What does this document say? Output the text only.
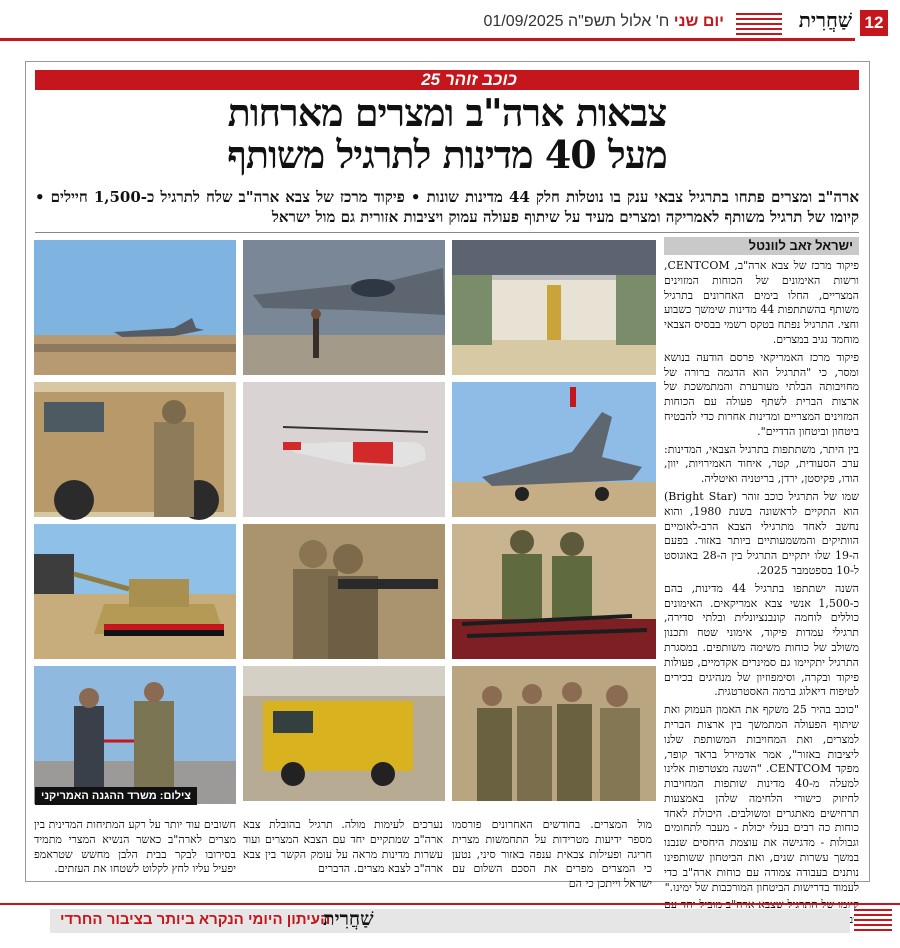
12
שַׁחֲרִית
יום שני ח' אלול תשפ"ה 01/09/2025
כוכב זוהר 25
צבאות ארה"ב ומצרים מארחות
מעל 40 מדינות לתרגיל משותף
ארה"ב ומצרים פתחו בתרגיל צבאי ענק בו נוטלות חלק 44 מדינות שונות • פיקוד מרכז של צבא ארה"ב שלח לתרגיל כ-1,500 חיילים • קיומו של תרגיל משותף לאמריקה ומצרים מעיד על שיתוף פעולה עמוק ויציבות אזורית גם מול ישראל
ישראל זאב לוונטל

פיקוד מרכז של צבא ארה"ב, CENTCOM, ורשות האימונים של הכוחות המזוינים המצריים, החלו בימים האחרונים בתרגיל משותף בהשתתפות 44 מדינות שימשך כשבוע וחצי. התרגיל נפתח בטקס רשמי בבסיס הצבאי מוחמד נגיב במצרים.

פיקוד מרכז האמריקאי פרסם הודעה בנושא ומסר, כי "התרגיל הוא הדגמה ברורה של מחויבותה הבלתי מעורערת והמתמשכת של ארצות הברית לשתף פעולה עם הכוחות המזוינים המצריים ומדינות אחרות כדי להבטיח ביטחון וביטחון הדדיים".

בין היתר, משתתפות בתרגיל הצבאי, המדינות: ערב הסעודית, קטר, איחוד האמירויות, יוון, הודו, פקיסטן, ירדן, בריטניה ואיטליה.

שמו של התרגיל כוכב זוהר (Bright Star) הוא התקיים לראשונה בשנת 1980, והוא נחשב לאחד מתרגילי הצבא הרב-לאומיים הוותיקים והמשמעותיים ביותר באזור. בפעם ה-19 שלו יתקיים התרגיל בין ה-28 באוגוסט ל-10 בספטמבר 2025.

השנה ישתתפו בתרגיל 44 מדינות, בהם כ-1,500 אנשי צבא אמריקאים. האימונים כוללים לוחמה קונבנציונלית ובלתי סדירה, תרגילי עמדות פיקוד, אימוני שטח ותכנון משולב של כוחות משימה משותפים. במסגרת התרגיל יתקיימו גם סמינרים אקדמיים, פעולות פיקוד ובקרה, וסימפוזיון של מנהיגים בכירים לטיפוח דיאלוג ברמה האסטרטגית.

"כוכב בהיר 25 משקף את האמון העמוק ואת שיתוף הפעולה המתמשך בין ארצות הברית למצרים, ואת המחויבות המשותפת שלנו ליציבות באזור", אמר אדמירל בראד קופר, מפקד CENTCOM. "השנה מצטרפות אלינו למעלה מ-40 מדינות שותפות המחויבות לחיזוק כישורי הלחימה שלהן באמצעות תרחישים מאתגרים ומשולבים. היכולת לאחד כוחות כה רבים בעלי יכולת - מעבר לתחומים וגבולות - מדגישה את עוצמת היחסים שנבנו במשך עשרות שנים, ואת הביטחון ששותפינו נותנים בעבודה צמודה עם כוחות ארה"ב כדי לעמוד בדרישות הביטחון המורכבות של ימינו."

צבא

מול המצרים. בחודשים האחרונים פורסמו מספר ידיעות מטרידות על התחמשות מצרית חריגה ופעילות צבאית ענפה באזור סיני, נטען כי המצרים מפרים את הסכם השלום עם ישראל וייתכן כי הם
נערכים לעימות מולה. תרגיל בהובלת צבא ארה"ב שמתקיים יחד עם הצבא המצרים ועוד עשרות מדינות מראה על עומק הקשר בין צבא ארה"ב לצבא מצרים. הדברים
חשובים עוד יותר על רקע המתיחות המדינית בין מצרים לארה"ב כאשר הנשיא המצרי מתמיד בסירובו לבקר בבית הלבן מחשש שטראמפ יפעיל עליו לחץ לקלוט לשטחו את העזתים.
צילום: משרד ההגנה האמריקני
העיתון היומי הנקרא ביותר בציבור החרדי
שַׁחֲרִית
